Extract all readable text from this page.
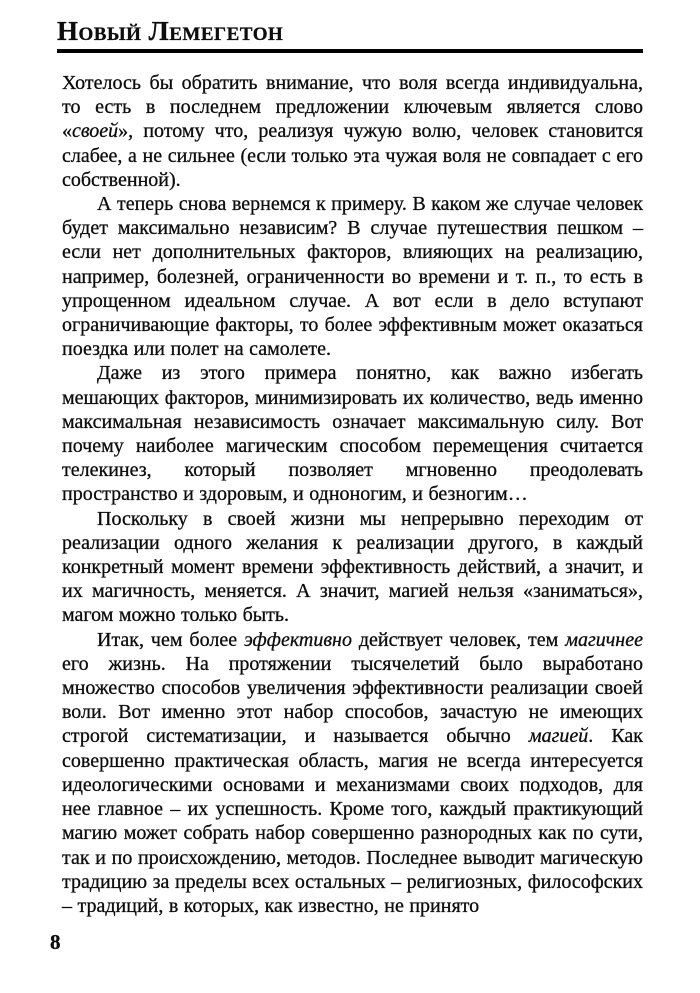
Новый Лемегетон

Хотелось бы обратить внимание, что воля всегда индивидуальна, то есть в последнем предложении ключевым является слово «своей», потому что, реализуя чужую волю, человек становится слабее, а не сильнее (если только эта чужая воля не совпадает с его собственной).

А теперь снова вернемся к примеру. В каком же случае человек будет максимально независим? В случае путешествия пешком – если нет дополнительных факторов, влияющих на реализацию, например, болезней, ограниченности во времени и т. п., то есть в упрощенном идеальном случае. А вот если в дело вступают ограничивающие факторы, то более эффективным может оказаться поездка или полет на самолете.

Даже из этого примера понятно, как важно избегать мешающих факторов, минимизировать их количество, ведь именно максимальная независимость означает максимальную силу. Вот почему наиболее магическим способом перемещения считается телекинез, который позволяет мгновенно преодолевать пространство и здоровым, и одноногим, и безногим…

Поскольку в своей жизни мы непрерывно переходим от реализации одного желания к реализации другого, в каждый конкретный момент времени эффективность действий, а значит, и их магичность, меняется. А значит, магией нельзя «заниматься», магом можно только быть.

Итак, чем более эффективно действует человек, тем магичнее его жизнь. На протяжении тысячелетий было выработано множество способов увеличения эффективности реализации своей воли. Вот именно этот набор способов, зачастую не имеющих строгой систематизации, и называется обычно магией. Как совершенно практическая область, магия не всегда интересуется идеологическими основами и механизмами своих подходов, для нее главное – их успешность. Кроме того, каждый практикующий магию может собрать набор совершенно разнородных как по сути, так и по происхождению, методов. Последнее выводит магическую традицию за пределы всех остальных – религиозных, философских – традиций, в которых, как известно, не принято

8
